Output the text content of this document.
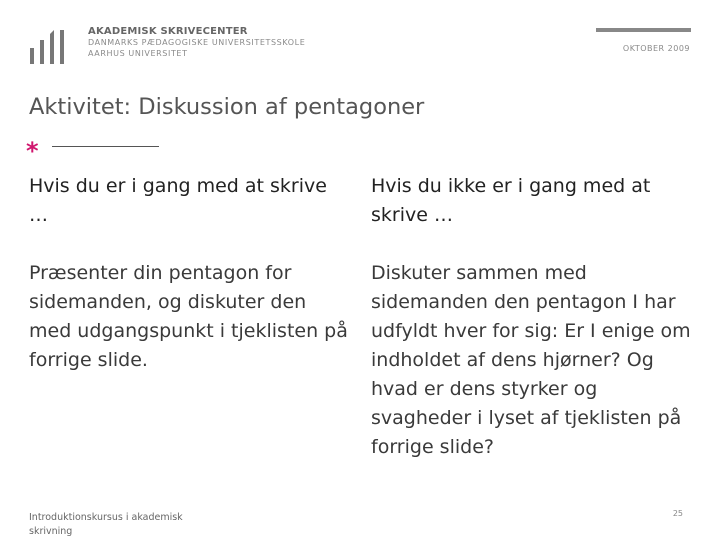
AKADEMISK SKRIVECENTER
DANMARKS PÆDAGOGISKE UNIVERSITETSSKOLE
AARHUS UNIVERSITET
OKTOBER 2009
Aktivitet: Diskussion af pentagoner
*
Hvis du er i gang med at skrive …
Præsenter din pentagon for sidemanden, og diskuter den med udgangspunkt i tjeklisten på forrige slide.
Hvis du ikke er i gang med at skrive …
Diskuter sammen med sidemanden den pentagon I har udfyldt hver for sig: Er I enige om indholdet af dens hjørner? Og hvad er dens styrker og svagheder i lyset af tjeklisten på forrige slide?
Introduktionskursus i akademisk skrivning
25
